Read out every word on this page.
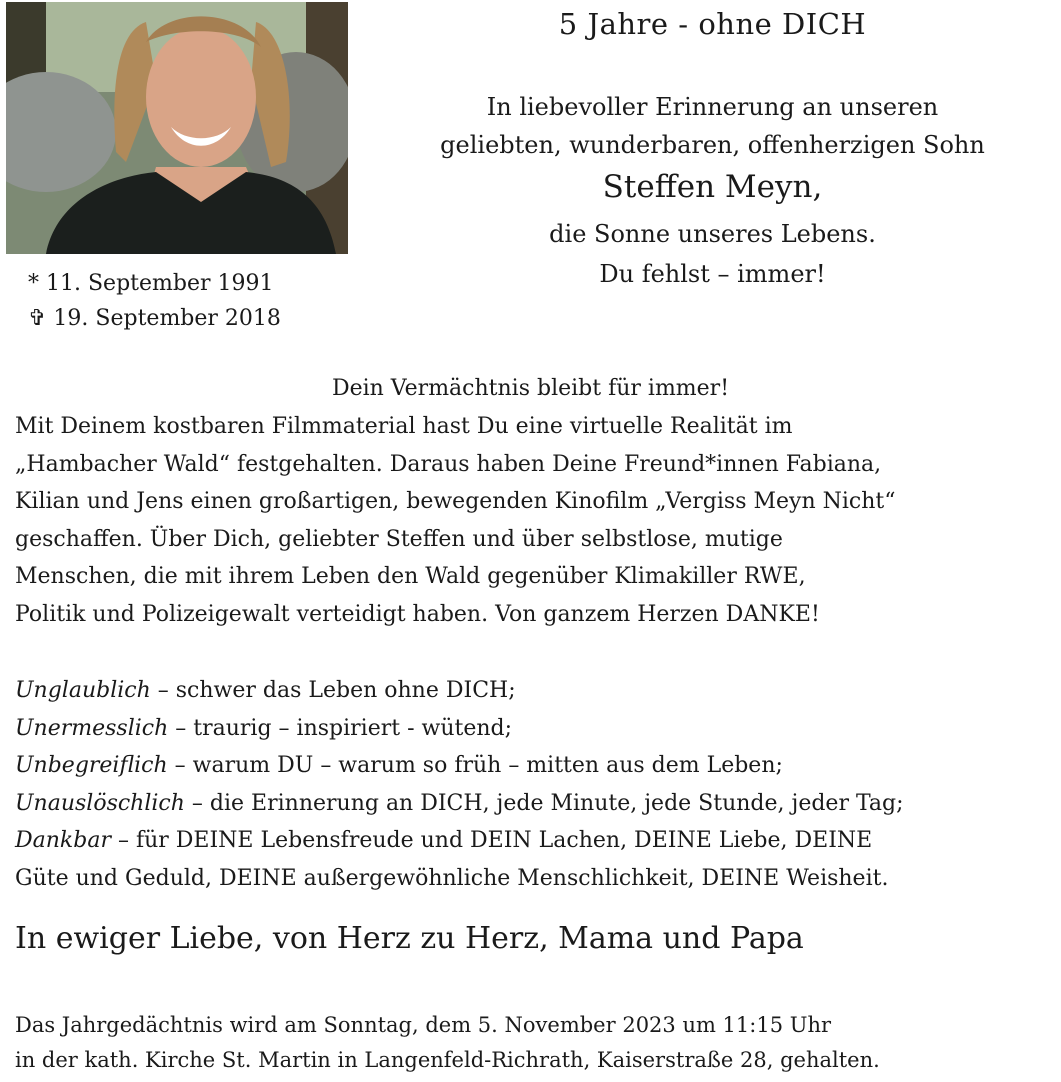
* 11. September 1991
✞ 19. September 2018
5 Jahre - ohne DICH
In liebevoller Erinnerung an unseren
geliebten, wunderbaren, offenherzigen Sohn
Steffen Meyn,
die Sonne unseres Lebens.
Du fehlst – immer!
Dein Vermächtnis bleibt für immer!
Mit Deinem kostbaren Filmmaterial hast Du eine virtuelle Realität im
„Hambacher Wald“ festgehalten. Daraus haben Deine Freund*innen Fabiana,
Kilian und Jens einen großartigen, bewegenden Kinofilm „Vergiss Meyn Nicht“
geschaffen. Über Dich, geliebter Steffen und über selbstlose, mutige
Menschen, die mit ihrem Leben den Wald gegenüber Klimakiller RWE,
Politik und Polizeigewalt verteidigt haben. Von ganzem Herzen DANKE!
Unglaublich – schwer das Leben ohne DICH;
Unermesslich – traurig – inspiriert - wütend;
Unbegreiflich – warum DU – warum so früh – mitten aus dem Leben;
Unauslöschlich – die Erinnerung an DICH, jede Minute, jede Stunde, jeder Tag;
Dankbar – für DEINE Lebensfreude und DEIN Lachen, DEINE Liebe, DEINE
Güte und Geduld, DEINE außergewöhnliche Menschlichkeit, DEINE Weisheit.
In ewiger Liebe, von Herz zu Herz, Mama und Papa
Das Jahrgedächtnis wird am Sonntag, dem 5. November 2023 um 11:15 Uhr
in der kath. Kirche St. Martin in Langenfeld-Richrath, Kaiserstraße 28, gehalten.
